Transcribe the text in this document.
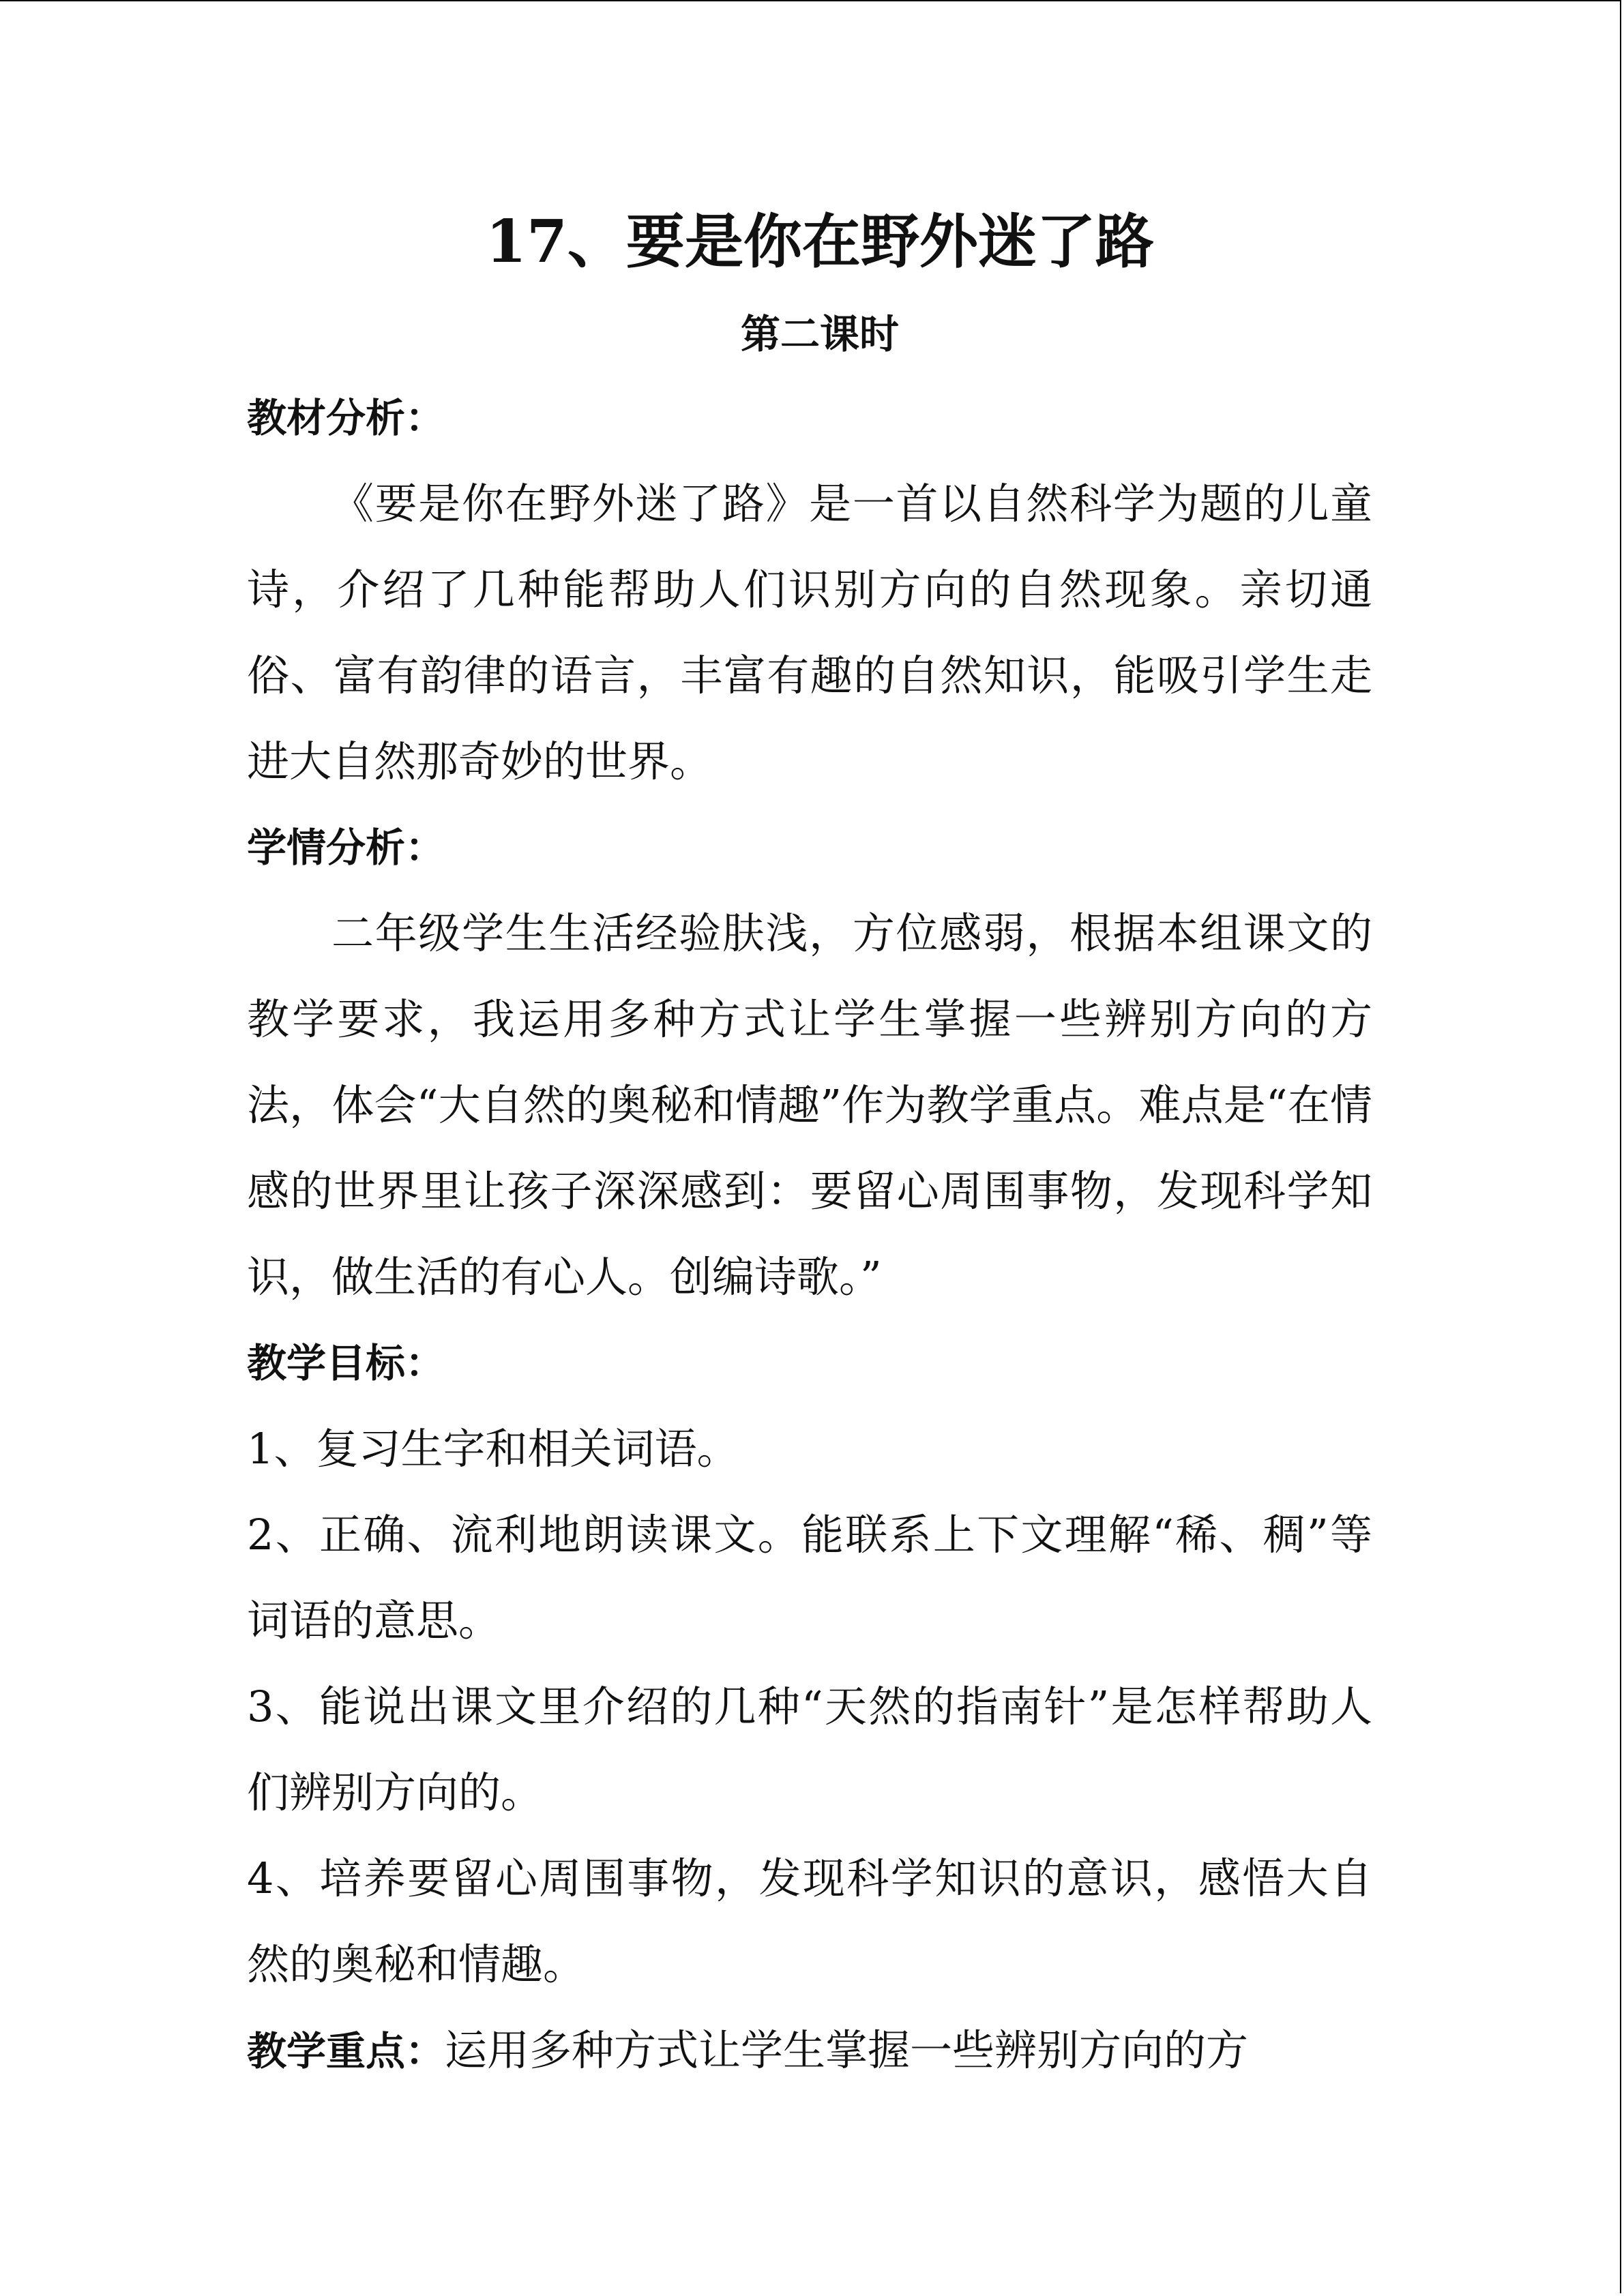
17、要是你在野外迷了路
第二课时

教材分析：

《要是你在野外迷了路》是一首以自然科学为题的儿童诗，介绍了几种能帮助人们识别方向的自然现象。亲切通俗、富有韵律的语言，丰富有趣的自然知识，能吸引学生走进大自然那奇妙的世界。

学情分析：

二年级学生生活经验肤浅，方位感弱，根据本组课文的教学要求，我运用多种方式让学生掌握一些辨别方向的方法，体会“大自然的奥秘和情趣”作为教学重点。难点是“在情感的世界里让孩子深深感到：要留心周围事物，发现科学知识，做生活的有心人。创编诗歌。”

教学目标：

1、复习生字和相关词语。

2、正确、流利地朗读课文。能联系上下文理解“稀、稠”等词语的意思。

3、能说出课文里介绍的几种“天然的指南针”是怎样帮助人们辨别方向的。

4、培养要留心周围事物，发现科学知识的意识，感悟大自然的奥秘和情趣。

教学重点：运用多种方式让学生掌握一些辨别方向的方
